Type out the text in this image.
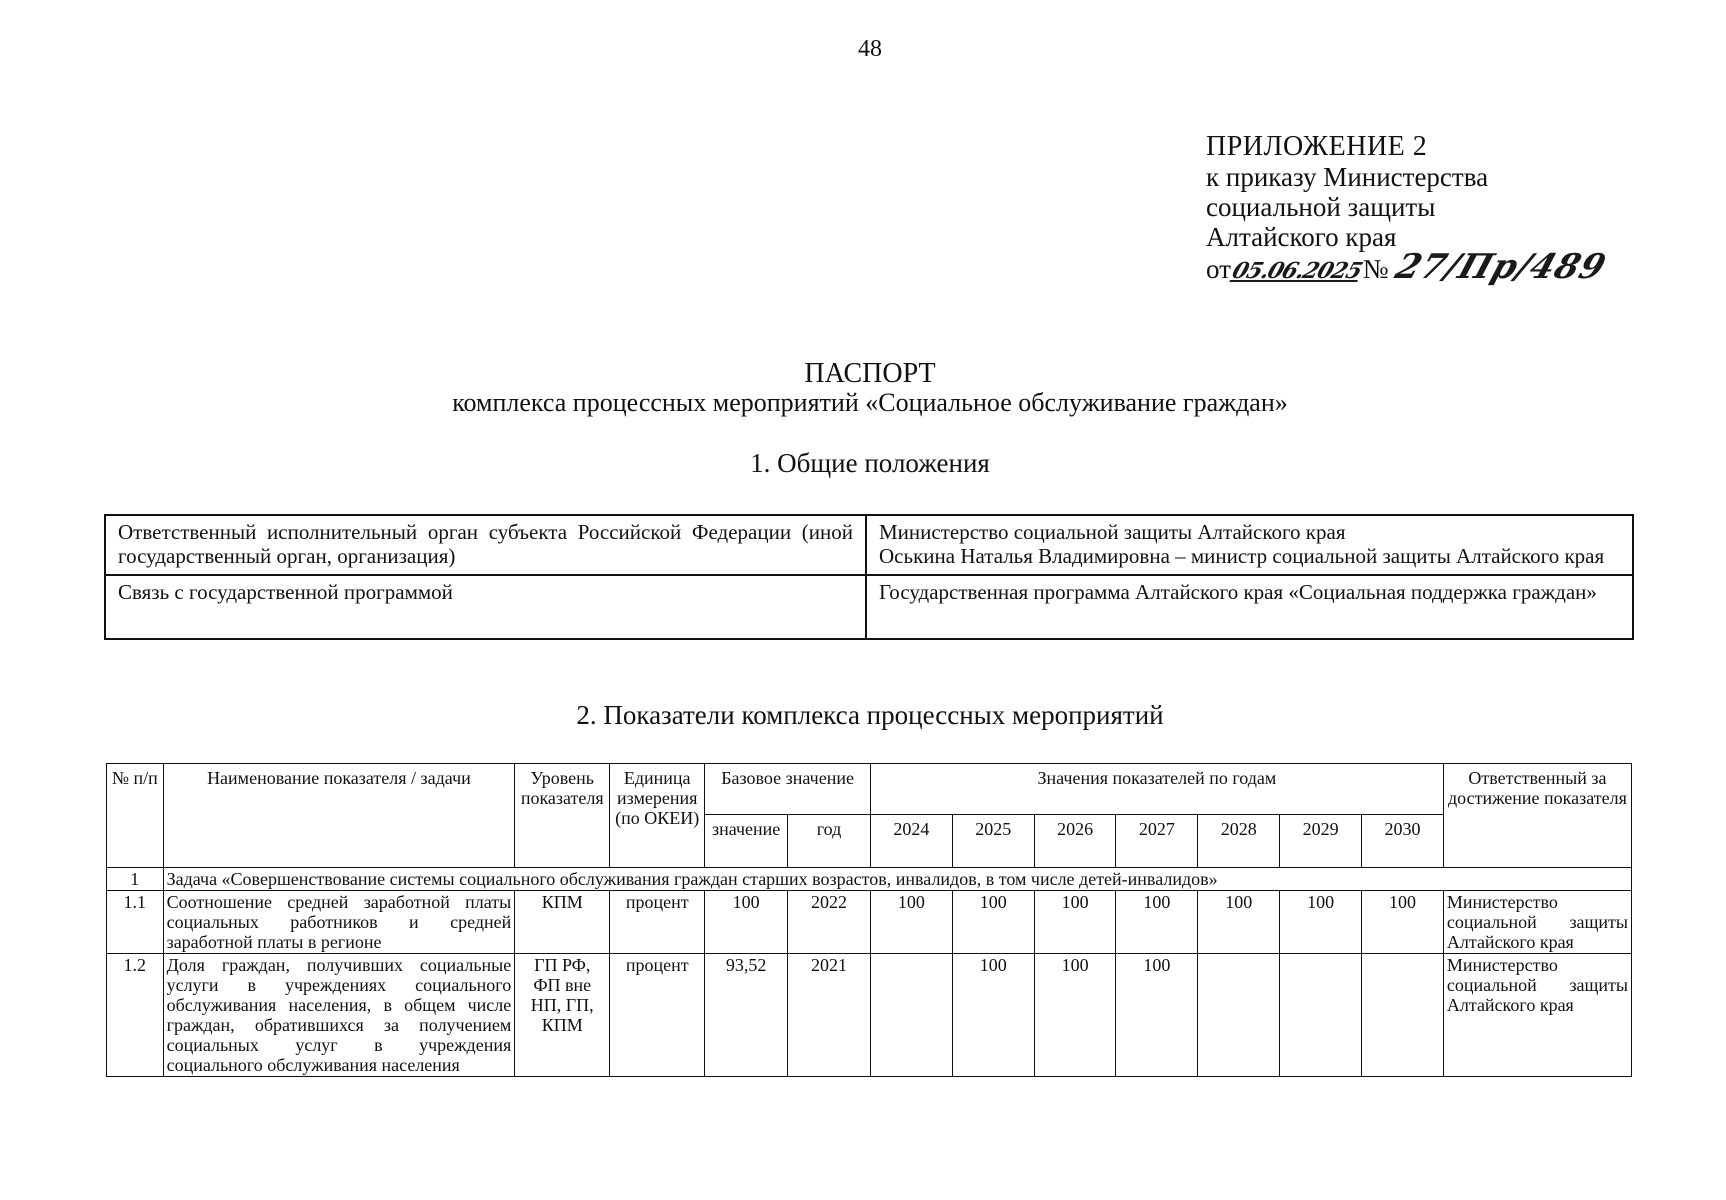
48
ПРИЛОЖЕНИЕ 2
к приказу Министерства
социальной защиты
Алтайского края
от
05.06.2025
№ 27/Пр/489
ПАСПОРТ
комплекса процессных мероприятий «Социальное обслуживание граждан»
1. Общие положения
Ответственный исполнительный орган субъекта Российской Федерации (иной государственный орган, организация)	Министерство социальной защиты Алтайского края
Оськина Наталья Владимировна – министр социальной защиты Алтайского края

Связь с государственной программой	Государственная программа Алтайского края «Социальная поддержка граждан»
2. Показатели комплекса процессных мероприятий
№ п/п	Наименование показателя / задачи	Уровень показателя	Единица измерения (по ОКЕИ)	Базовое значение		Значения показателей по годам							Ответственный за достижение показателя
				значение	год	2024	2025	2026	2027	2028	2029	2030	
1	Задача «Совершенствование системы социального обслуживания граждан старших возрастов, инвалидов, в том числе детей-инвалидов»												
1.1	Соотношение средней заработной платы социальных работников и средней заработной платы в регионе	КПМ	процент	100	2022	100	100	100	100	100	100	100	Министерство социальной защиты Алтайского края
1.2	Доля граждан, получивших социальные услуги в учреждениях социального обслуживания населения, в общем числе граждан, обратившихся за получением социальных услуг в учреждения социального обслуживания населения	ГП РФ, ФП вне НП, ГП, КПМ	процент	93,52	2021		100	100	100				Министерство социальной защиты Алтайского края
